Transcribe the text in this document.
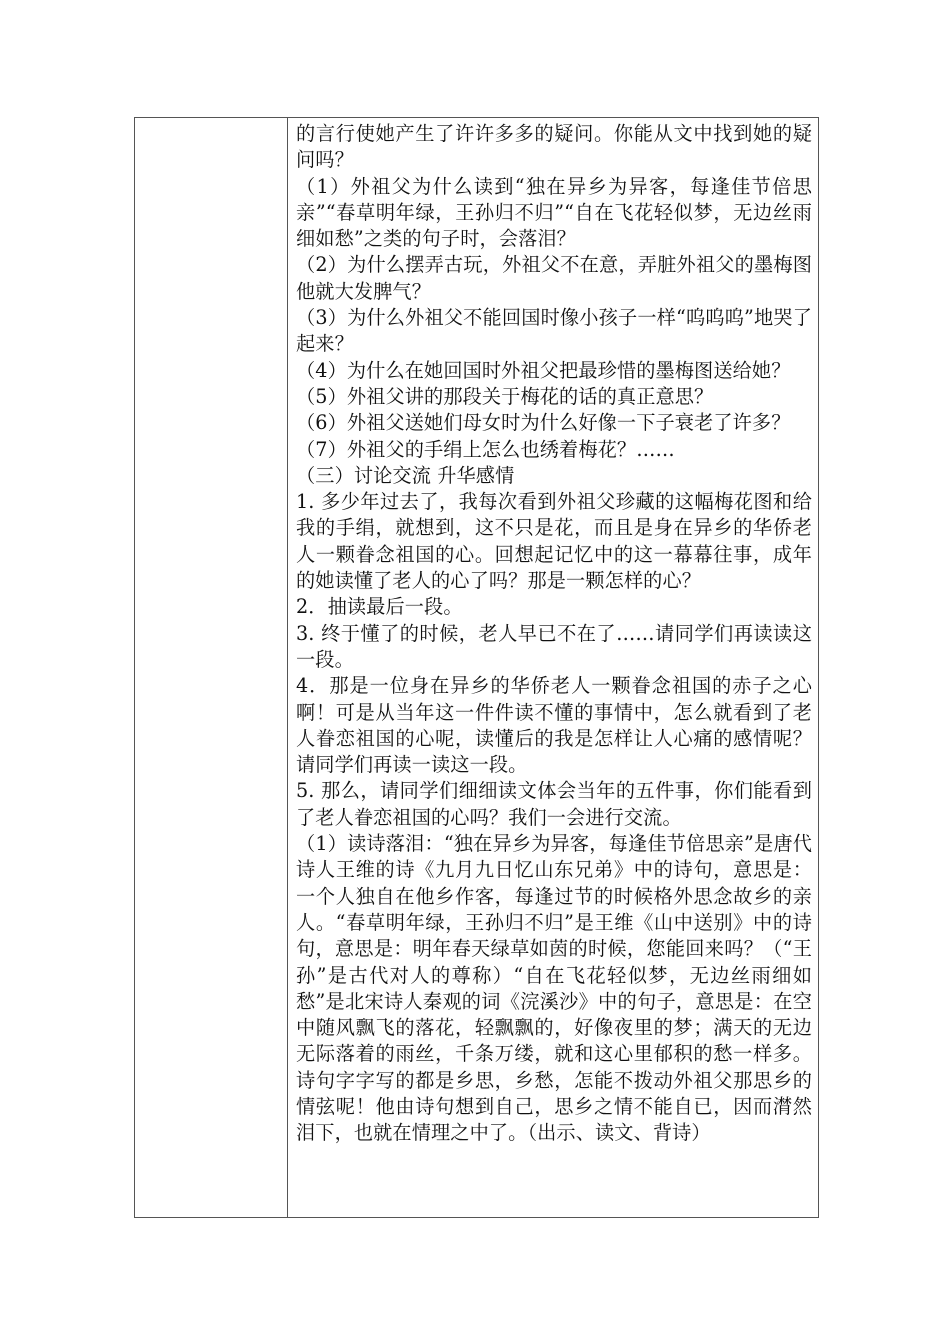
的言行使她产生了许许多多的疑问。你能从文中找到她的疑问吗？

（1）外祖父为什么读到“独在异乡为异客，每逢佳节倍思亲”“春草明年绿，王孙归不归”“自在飞花轻似梦，无边丝雨细如愁”之类的句子时，会落泪？

（2）为什么摆弄古玩，外祖父不在意，弄脏外祖父的墨梅图他就大发脾气？

（3）为什么外祖父不能回国时像小孩子一样“呜呜呜”地哭了起来？

（4）为什么在她回国时外祖父把最珍惜的墨梅图送给她？

（5）外祖父讲的那段关于梅花的话的真正意思？

（6）外祖父送她们母女时为什么好像一下子衰老了许多？

（7）外祖父的手绢上怎么也绣着梅花？……

（三）讨论交流 升华感情

1. 多少年过去了，我每次看到外祖父珍藏的这幅梅花图和给我的手绢，就想到，这不只是花，而且是身在异乡的华侨老人一颗眷念祖国的心。回想起记忆中的这一幕幕往事，成年的她读懂了老人的心了吗？那是一颗怎样的心？

2．抽读最后一段。

3. 终于懂了的时候，老人早已不在了……请同学们再读读这一段。

4．那是一位身在异乡的华侨老人一颗眷念祖国的赤子之心啊！可是从当年这一件件读不懂的事情中，怎么就看到了老人眷恋祖国的心呢，读懂后的我是怎样让人心痛的感情呢？请同学们再读一读这一段。

5. 那么，请同学们细细读文体会当年的五件事，你们能看到了老人眷恋祖国的心吗？我们一会进行交流。

（1）读诗落泪：“独在异乡为异客，每逢佳节倍思亲”是唐代诗人王维的诗《九月九日忆山东兄弟》中的诗句，意思是：一个人独自在他乡作客，每逢过节的时候格外思念故乡的亲人。“春草明年绿，王孙归不归”是王维《山中送别》中的诗句，意思是：明年春天绿草如茵的时候，您能回来吗？（“王孙”是古代对人的尊称）“自在飞花轻似梦，无边丝雨细如愁”是北宋诗人秦观的词《浣溪沙》中的句子，意思是：在空中随风飘飞的落花，轻飘飘的，好像夜里的梦；满天的无边无际落着的雨丝，千条万缕，就和这心里郁积的愁一样多。诗句字字写的都是乡思，乡愁，怎能不拨动外祖父那思乡的情弦呢！他由诗句想到自己，思乡之情不能自已，因而潸然泪下，也就在情理之中了。（出示、读文、背诗）
